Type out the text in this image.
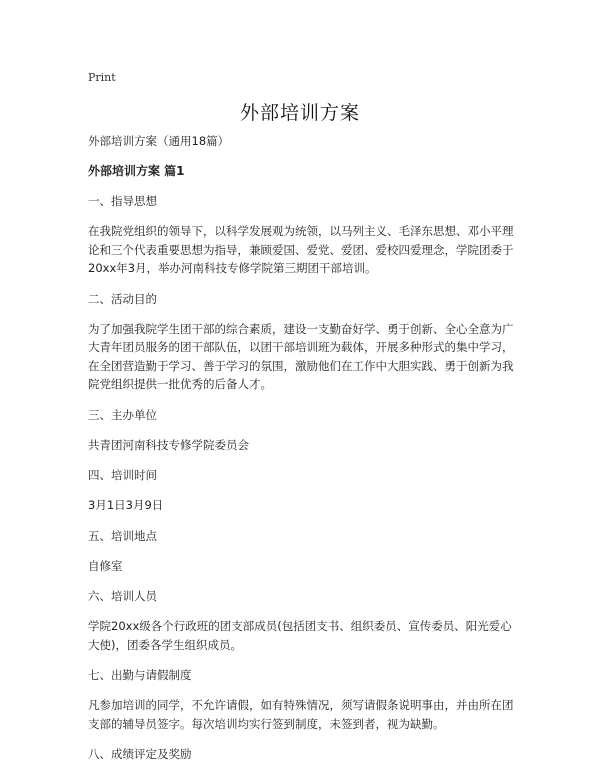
Print
外部培训方案

外部培训方案（通用18篇）

外部培训方案 篇1

一、指导思想

在我院党组织的领导下，以科学发展观为统领，以马列主义、毛泽东思想、邓小平理论和三个代表重要思想为指导，兼顾爱国、爱党、爱团、爱校四爱理念，学院团委于20xx年3月，举办河南科技专修学院第三期团干部培训。

二、活动目的

为了加强我院学生团干部的综合素质，建设一支勤奋好学、勇于创新、全心全意为广大青年团员服务的团干部队伍，以团干部培训班为载体，开展多种形式的集中学习，在全团营造勤于学习、善于学习的氛围，激励他们在工作中大胆实践、勇于创新为我院党组织提供一批优秀的后备人才。

三、主办单位

共青团河南科技专修学院委员会

四、培训时间

3月1日3月9日

五、培训地点

自修室

六、培训人员

学院20xx级各个行政班的团支部成员(包括团支书、组织委员、宣传委员、阳光爱心大使)，团委各学生组织成员。

七、出勤与请假制度

凡参加培训的同学，不允许请假，如有特殊情况，须写请假条说明事由，并由所在团支部的辅导员签字。每次培训均实行签到制度，未签到者，视为缺勤。

八、成绩评定及奖励
